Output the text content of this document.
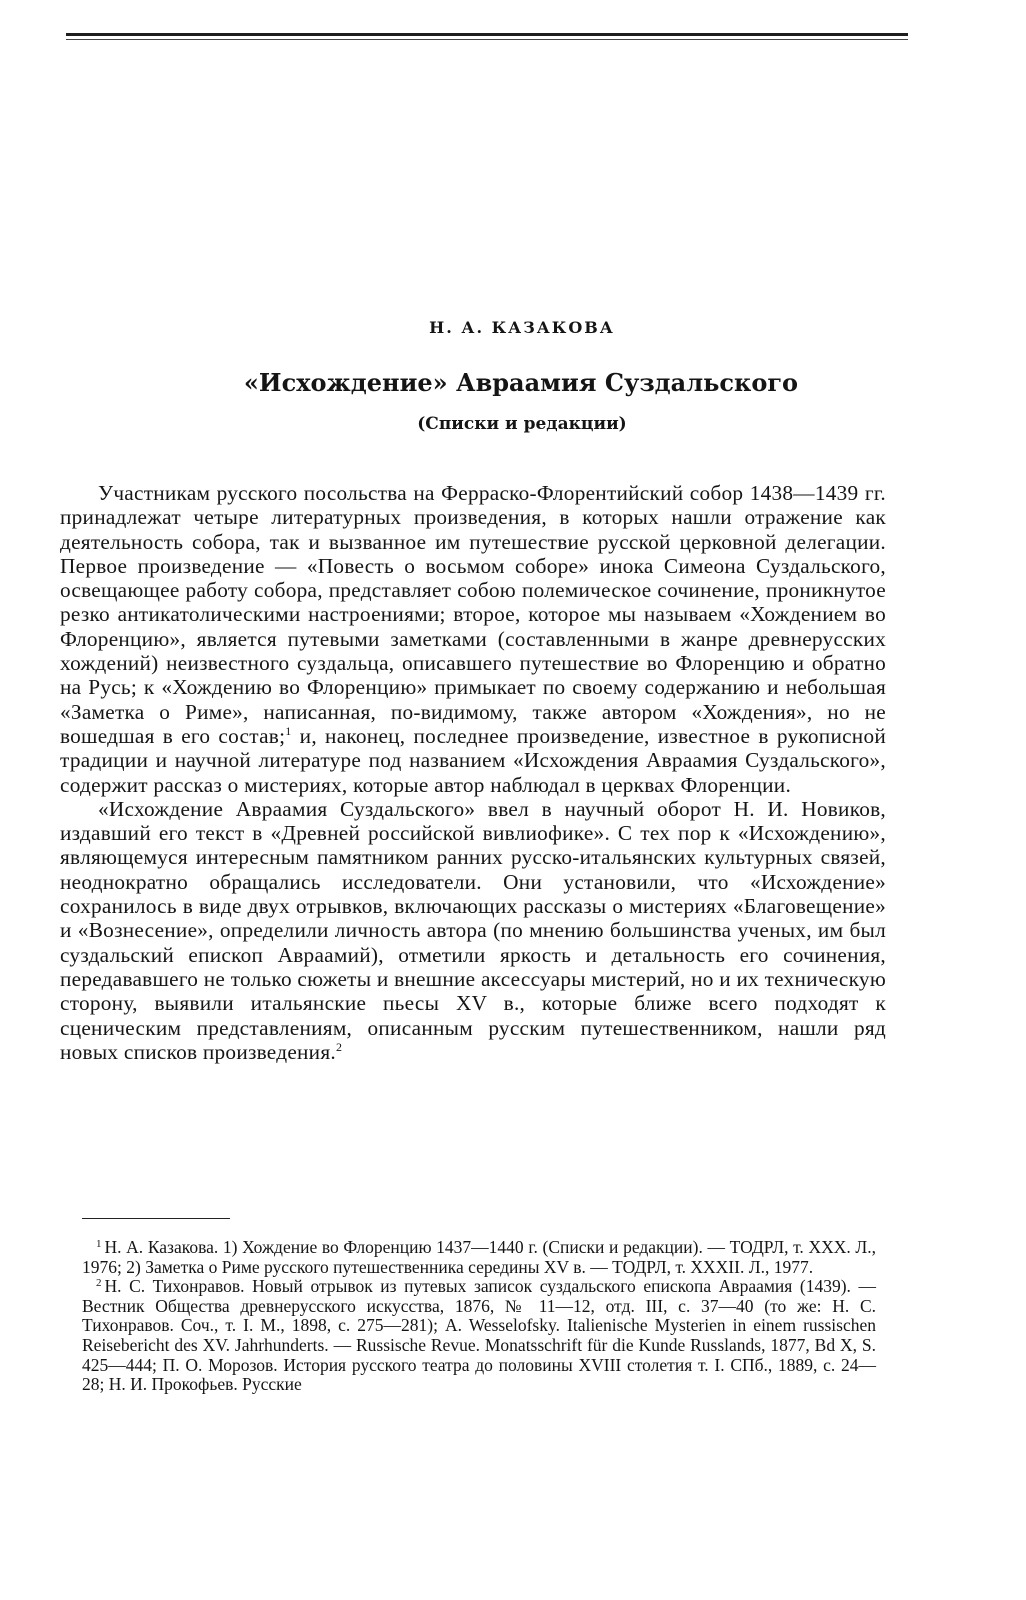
Н. А. КАЗАКОВА
«Исхождение» Авраамия Суздальского
(Списки и редакции)

Участникам русского посольства на Ферраско-Флорентийский собор 1438—1439 гг. принадлежат четыре литературных произведения, в которых нашли отражение как деятельность собора, так и вызванное им путешествие русской церковной делегации. Первое произведение — «Повесть о восьмом соборе» инока Симеона Суздальского, освещающее работу собора, представляет собою полемическое сочинение, проникнутое резко антикатолическими настроениями; второе, которое мы называем «Хождением во Флоренцию», является путевыми заметками (составленными в жанре древнерусских хождений) неизвестного суздальца, описавшего путешествие во Флоренцию и обратно на Русь; к «Хождению во Флоренцию» примыкает по своему содержанию и небольшая «Заметка о Риме», написанная, по-видимому, также автором «Хождения», но не вошедшая в его состав;$^1$ и, наконец, последнее произведение, известное в рукописной традиции и научной литературе под названием «Исхождения Авраамия Суздальского», содержит рассказ о мистериях, которые автор наблюдал в церквах Флоренции.

«Исхождение Авраамия Суздальского» ввел в научный оборот Н. И. Новиков, издавший его текст в «Древней российской вивлиофике». С тех пор к «Исхождению», являющемуся интересным памятником ранних русско-итальянских культурных связей, неоднократно обращались исследователи. Они установили, что «Исхождение» сохранилось в виде двух отрывков, включающих рассказы о мистериях «Благовещение» и «Вознесение», определили личность автора (по мнению большинства ученых, им был суздальский епископ Авраамий), отметили яркость и детальность его сочинения, передававшего не только сюжеты и внешние аксессуары мистерий, но и их техническую сторону, выявили итальянские пьесы XV в., которые ближе всего подходят к сценическим представлениям, описанным русским путешественником, нашли ряд новых списков произведения.$^2$

$^1$ Н. А. Казакова. 1) Хождение во Флоренцию 1437—1440 г. (Списки и редакции). — ТОДРЛ, т. XXX. Л., 1976; 2) Заметка о Риме русского путешественника середины XV в. — ТОДРЛ, т. XXXII. Л., 1977.

$^2$ Н. С. Тихонравов. Новый отрывок из путевых записок суздальского епископа Авраамия (1439). — Вестник Общества древнерусского искусства, 1876, № 11—12, отд. III, с. 37—40 (то же: Н. С. Тихонравов. Соч., т. I. М., 1898, с. 275—281); A. Wesselofsky. Italienische Mysterien in einem russischen Reisebericht des XV. Jahrhunderts. — Russische Revue. Monatsschrift für die Kunde Russlands, 1877, Bd X, S. 425—444; П. О. Морозов. История русского театра до половины XVIII столетия т. I. СПб., 1889, с. 24—28; Н. И. Прокофьев. Русские
